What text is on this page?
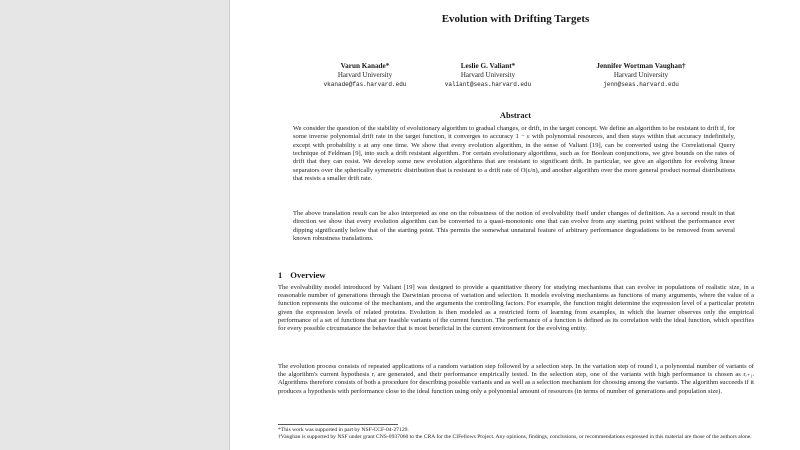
Evolution with Drifting Targets
Varun Kanade*
Harvard University
vkanade@fas.harvard.edu
Leslie G. Valiant*
Harvard University
valiant@seas.harvard.edu
Jennifer Wortman Vaughan†
Harvard University
jenn@seas.harvard.edu
Abstract

We consider the question of the stability of evolutionary algorithm to gradual changes, or drift, in the target concept. We define an algorithm to be resistant to drift if, for some inverse polynomial drift rate in the target function, it converges to accuracy 1 − ε with polynomial resources, and then stays within that accuracy indefinitely, except with probability ε at any one time. We show that every evolution algorithm, in the sense of Valiant [19], can be converted using the Correlational Query technique of Feldman [9], into such a drift resistant algorithm. For certain evolutionary algorithms, such as for Boolean conjunctions, we give bounds on the rates of drift that they can resist. We develop some new evolution algorithms that are resistant to significant drift. In particular, we give an algorithm for evolving linear separators over the spherically symmetric distribution that is resistant to a drift rate of O(ε/n), and another algorithm over the more general product normal distributions that resists a smaller drift rate.

The above translation result can be also interpreted as one on the robustness of the notion of evolvability itself under changes of definition. As a second result in that direction we show that every evolution algorithm can be converted to a quasi-monotonic one that can evolve from any starting point without the performance ever dipping significantly below that of the starting point. This permits the somewhat unnatural feature of arbitrary performance degradations to be removed from several known robustness translations.

1 Overview

The evolvability model introduced by Valiant [19] was designed to provide a quantitative theory for studying mechanisms that can evolve in populations of realistic size, in a reasonable number of generations through the Darwinian process of variation and selection. It models evolving mechanisms as functions of many arguments, where the value of a function represents the outcome of the mechanism, and the arguments the controlling factors. For example, the function might determine the expression level of a particular protein given the expression levels of related proteins. Evolution is then modeled as a restricted form of learning from examples, in which the learner observes only the empirical performance of a set of functions that are feasible variants of the current function. The performance of a function is defined as its correlation with the ideal function, which specifies for every possible circumstance the behavior that is most beneficial in the current environment for the evolving entity.

The evolution process consists of repeated applications of a random variation step followed by a selection step. In the variation step of round i, a polynomial number of variants of the algorithm's current hypothesis rᵢ are generated, and their performance empirically tested. In the selection step, one of the variants with high performance is chosen as rᵢ₊₁. Algorithms therefore consists of both a procedure for describing possible variants and as well as a selection mechanism for choosing among the variants. The algorithm succeeds if it produces a hypothesis with performance close to the ideal function using only a polynomial amount of resources (in terms of number of generations and population size).

*This work was supported in part by NSF-CCF-04-27129.

†Vaughan is supported by NSF under grant CNS-0937060 to the CRA for the CIFellows Project. Any opinions, findings, conclusions, or recommendations expressed in this material are those of the authors alone.
